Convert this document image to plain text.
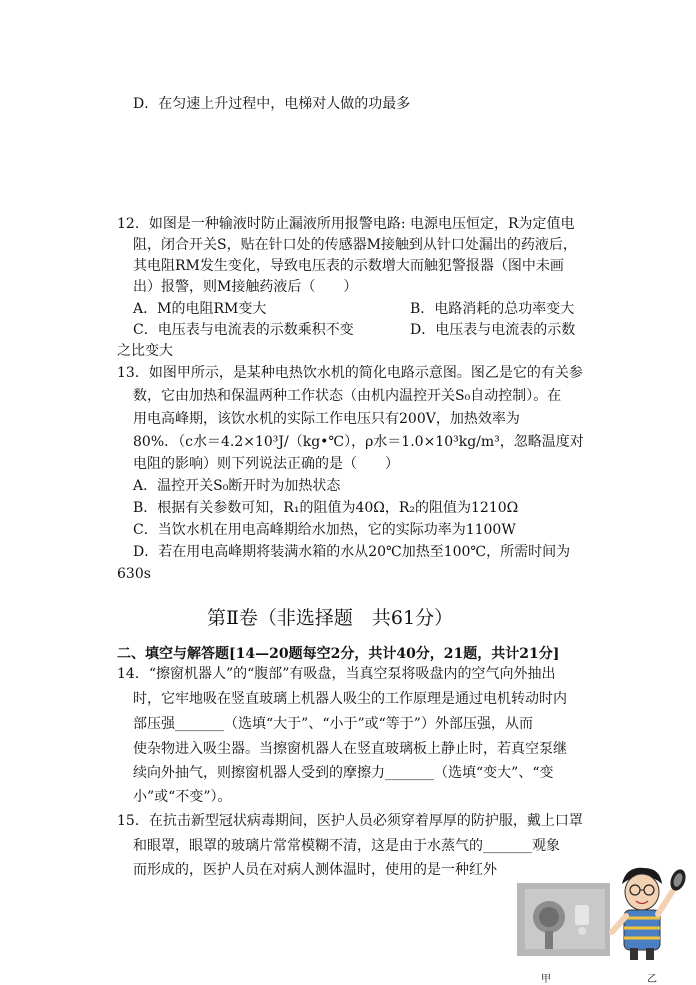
D．在匀速上升过程中，电梯对人做的功最多
12．如图是一种输液时防止漏液所用报警电路: 电源电压恒定，R为定值电
阻，闭合开关S，贴在针口处的传感器M接触到从针口处漏出的药液后，
其电阻RM发生变化，导致电压表的示数增大而触犯警报器（图中未画
出）报警，则M接触药液后（　　）
A．M的电阻RM变大	B．电路消耗的总功率变大
C．电压表与电流表的示数乘积不变	D．电压表与电流表的示数
之比变大
13．如图甲所示，是某种电热饮水机的简化电路示意图。图乙是它的有关参
数，它由加热和保温两种工作状态（由机内温控开关S₀自动控制）。在
用电高峰期，该饮水机的实际工作电压只有200V，加热效率为
80%．（c水＝4.2×10³J/（kg•℃），ρ水＝1.0×10³kg/m³，忽略温度对
电阻的影响）则下列说法正确的是（　　）
A．温控开关S₀断开时为加热状态
B．根据有关参数可知，R₁的阻值为40Ω，R₂的阻值为1210Ω
C．当饮水机在用电高峰期给水加热，它的实际功率为1100W
D．若在用电高峰期将装满水箱的水从20℃加热至100℃，所需时间为
630s
第Ⅱ卷（非选择题　共61分）
二、填空与解答题[14—20题每空2分，共计40分，21题，共计21分]
14．“擦窗机器人”的“腹部”有吸盘，当真空泵将吸盘内的空气向外抽出
时，它牢地吸在竖直玻璃上机器人吸尘的工作原理是通过电机转动时内
部压强_______（选填“大于”、“小于”或“等于”）外部压强，从而
使杂物进入吸尘器。当擦窗机器人在竖直玻璃板上静止时，若真空泵继
续向外抽气，则擦窗机器人受到的摩擦力_______（选填“变大”、“变
小”或“不变”）。
15．在抗击新型冠状病毒期间，医护人员必须穿着厚厚的防护服，戴上口罩
和眼罩，眼罩的玻璃片常常模糊不清，这是由于水蒸气的_______观象
而形成的，医护人员在对病人测体温时，使用的是一种红外
甲	乙
